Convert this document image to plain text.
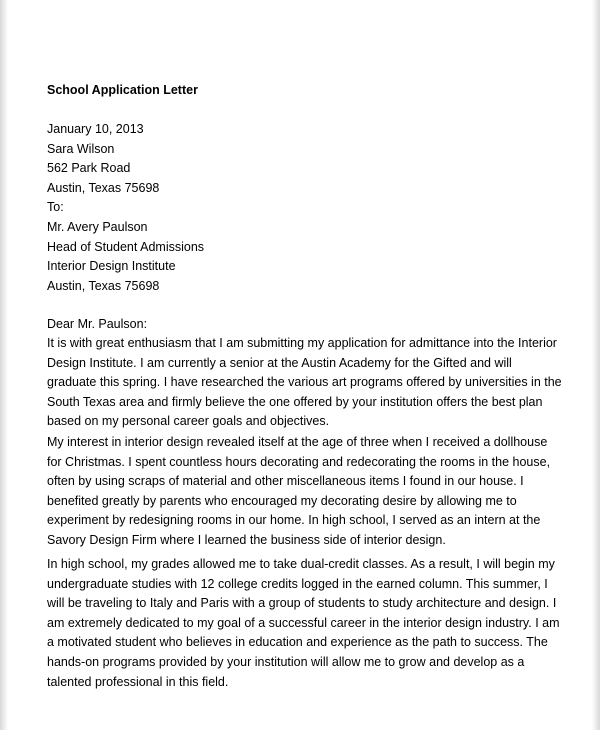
School Application Letter
January 10, 2013
Sara Wilson
562 Park Road
Austin, Texas 75698
To:
Mr. Avery Paulson
Head of Student Admissions
Interior Design Institute
Austin, Texas 75698
Dear Mr. Paulson:

It is with great enthusiasm that I am submitting my application for admittance into the Interior Design Institute. I am currently a senior at the Austin Academy for the Gifted and will graduate this spring. I have researched the various art programs offered by universities in the South Texas area and firmly believe the one offered by your institution offers the best plan based on my personal career goals and objectives.

My interest in interior design revealed itself at the age of three when I received a dollhouse for Christmas. I spent countless hours decorating and redecorating the rooms in the house, often by using scraps of material and other miscellaneous items I found in our house. I benefited greatly by parents who encouraged my decorating desire by allowing me to experiment by redesigning rooms in our home. In high school, I served as an intern at the Savory Design Firm where I learned the business side of interior design.

In high school, my grades allowed me to take dual-credit classes. As a result, I will begin my undergraduate studies with 12 college credits logged in the earned column. This summer, I will be traveling to Italy and Paris with a group of students to study architecture and design. I am extremely dedicated to my goal of a successful career in the interior design industry. I am a motivated student who believes in education and experience as the path to success. The hands-on programs provided by your institution will allow me to grow and develop as a talented professional in this field.
